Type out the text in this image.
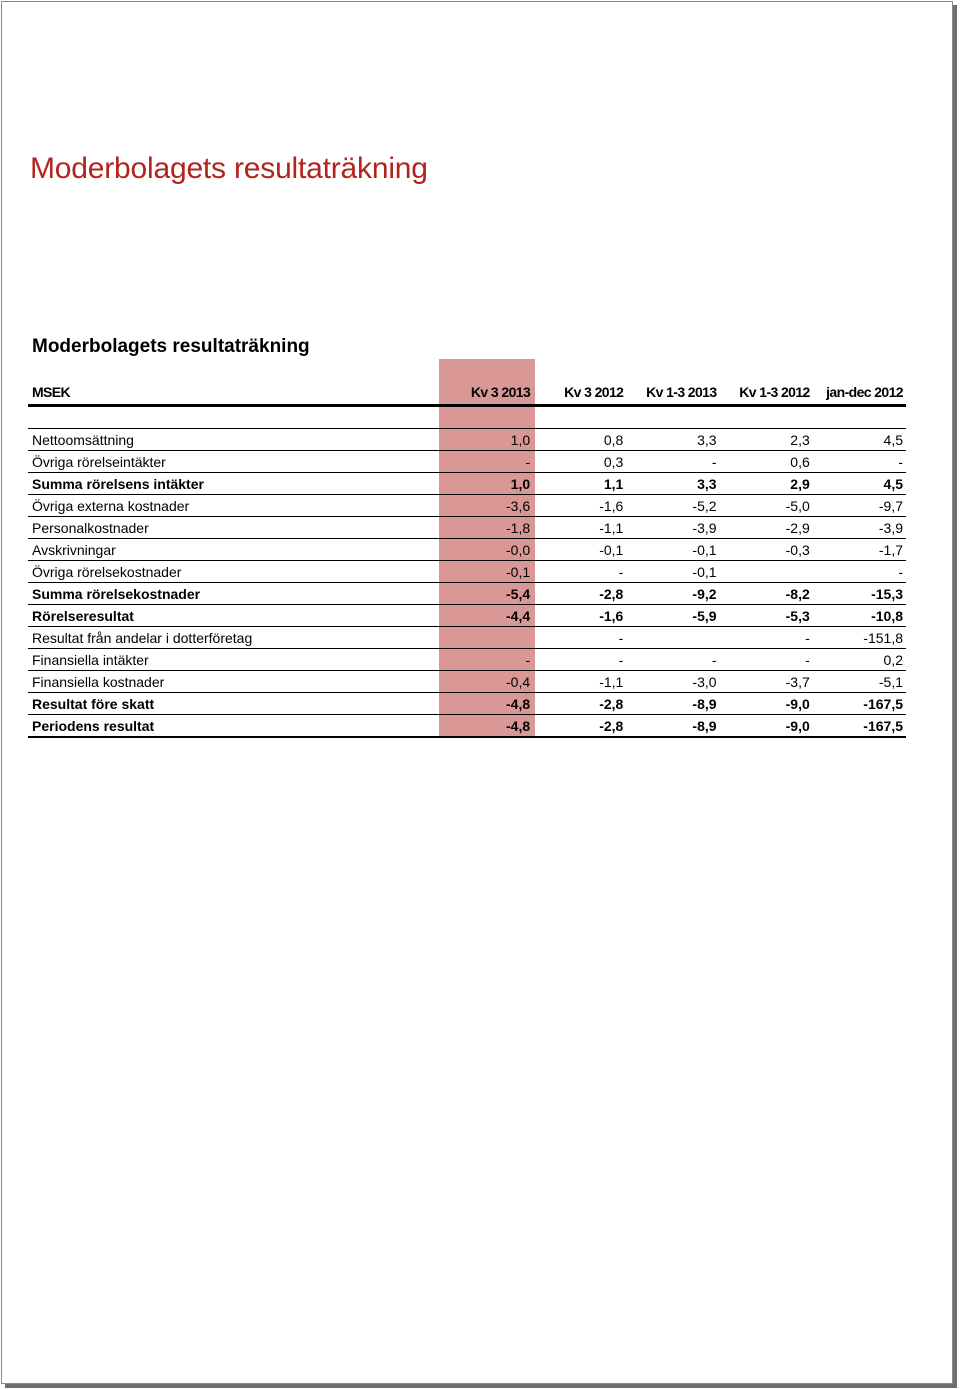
Moderbolagets resultaträkning
Moderbolagets resultaträkning
MSEK	Kv 3 2013	Kv 3 2012	Kv 1-3 2013	Kv 1-3 2012	jan-dec 2012

Nettoomsättning	1,0	0,8	3,3	2,3	4,5
Övriga rörelseintäkter	-	0,3	-	0,6	-
Summa rörelsens intäkter	1,0	1,1	3,3	2,9	4,5
Övriga externa kostnader	-3,6	-1,6	-5,2	-5,0	-9,7
Personalkostnader	-1,8	-1,1	-3,9	-2,9	-3,9
Avskrivningar	-0,0	-0,1	-0,1	-0,3	-1,7
Övriga rörelsekostnader	-0,1	-	-0,1		-
Summa rörelsekostnader	-5,4	-2,8	-9,2	-8,2	-15,3
Rörelseresultat	-4,4	-1,6	-5,9	-5,3	-10,8
Resultat från andelar i dotterföretag		-		-	-151,8
Finansiella intäkter	-	-	-	-	0,2
Finansiella kostnader	-0,4	-1,1	-3,0	-3,7	-5,1
Resultat före skatt	-4,8	-2,8	-8,9	-9,0	-167,5
Periodens resultat	-4,8	-2,8	-8,9	-9,0	-167,5
